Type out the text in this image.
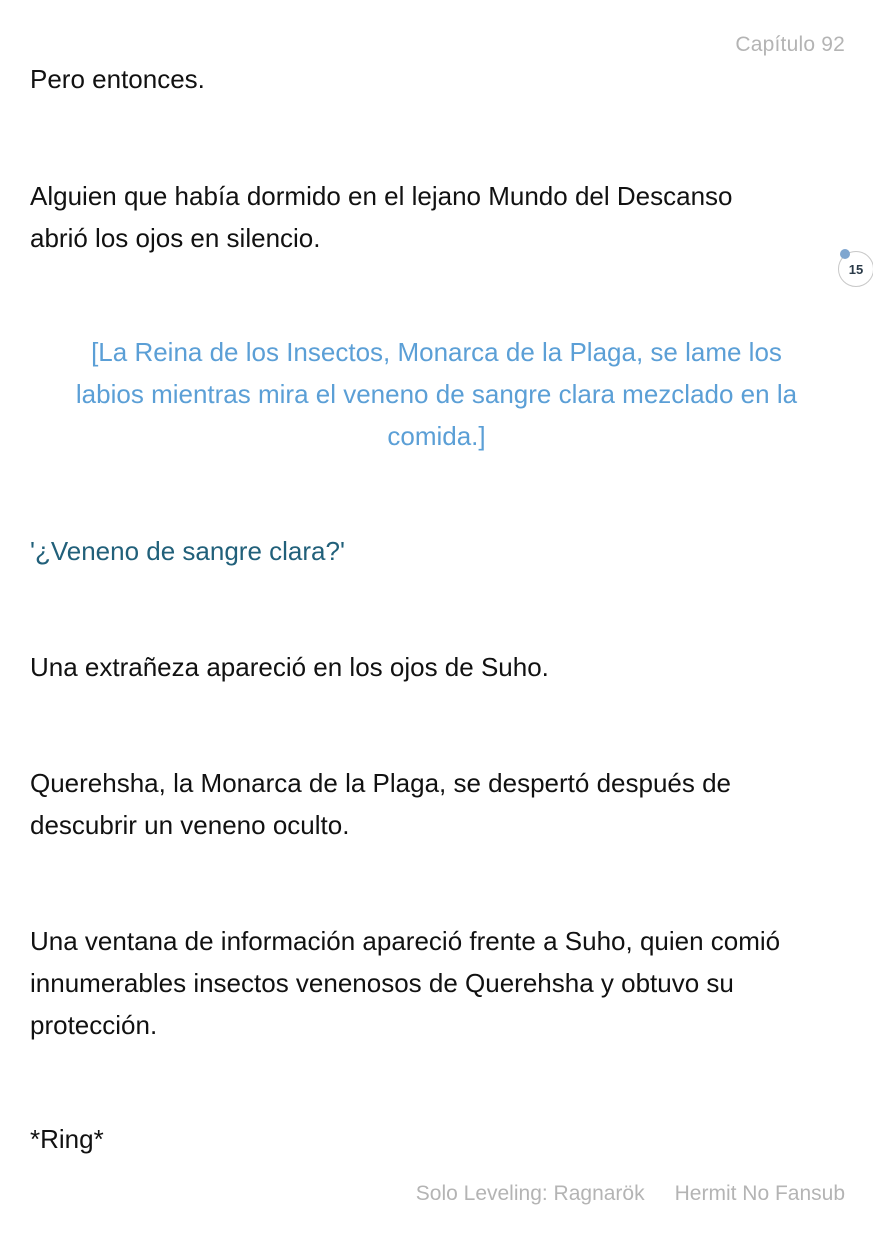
Capítulo 92

Pero entonces.

Alguien que había dormido en el lejano Mundo del Descanso
abrió los ojos en silencio.

[La Reina de los Insectos, Monarca de la Plaga, se lame los
labios mientras mira el veneno de sangre clara mezclado en la
comida.]

'¿Veneno de sangre clara?'

Una extrañeza apareció en los ojos de Suho.

Querehsha, la Monarca de la Plaga, se despertó después de
descubrir un veneno oculto.

Una ventana de información apareció frente a Suho, quien comió
innumerables insectos venenosos de Querehsha y obtuvo su
protección.

*Ring*

15
Solo Leveling: Ragnarök Hermit No Fansub
